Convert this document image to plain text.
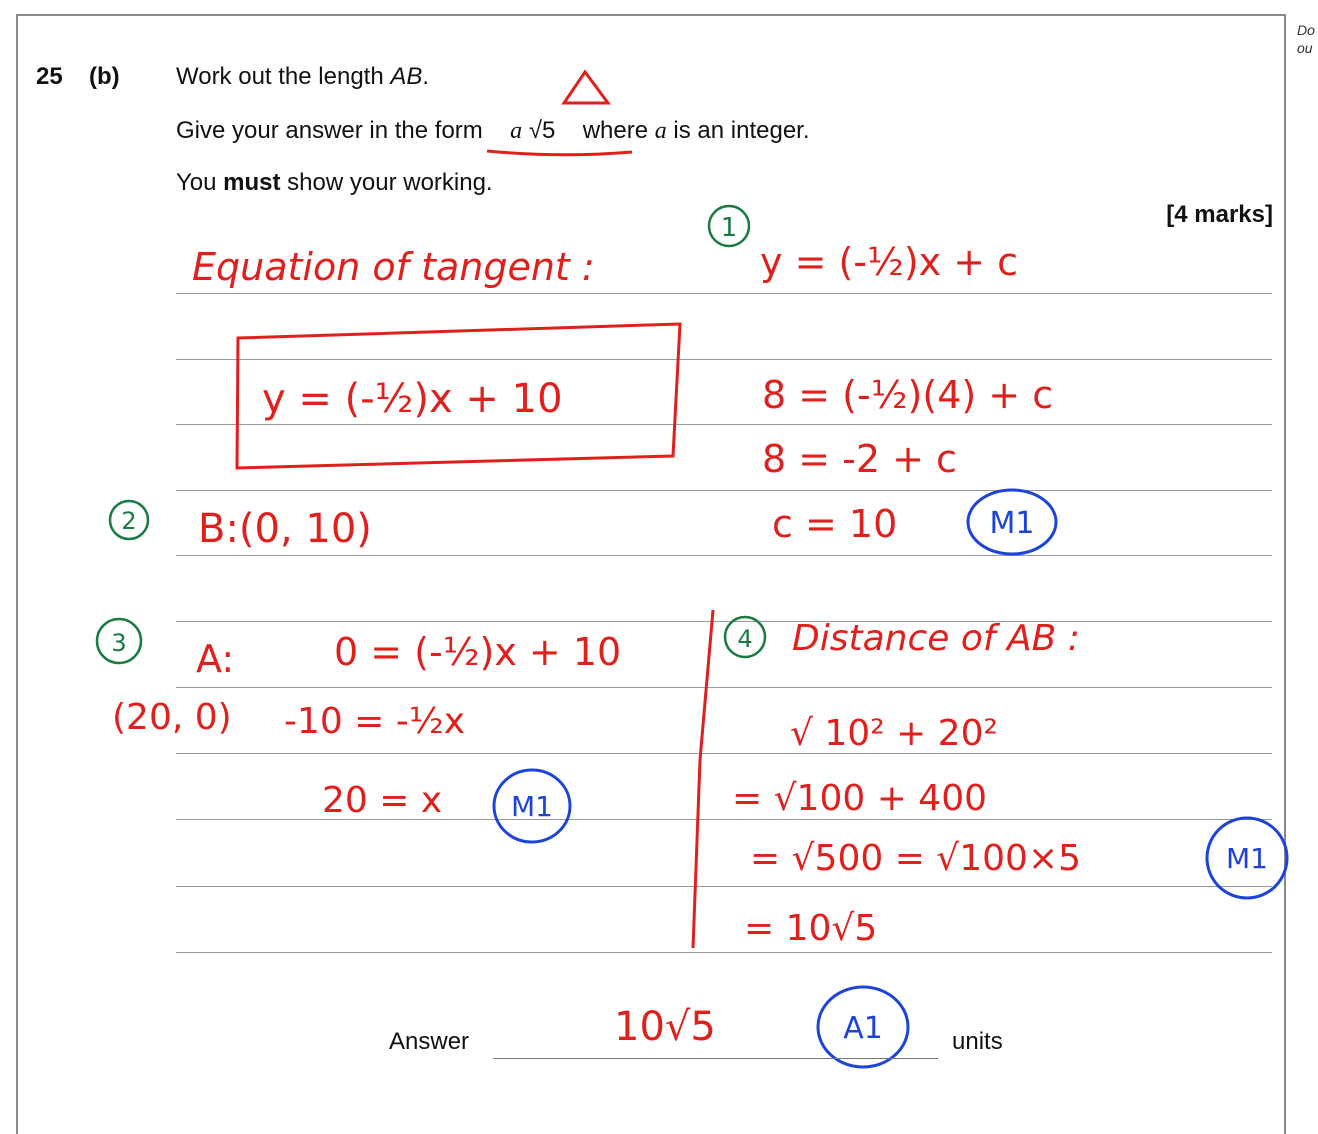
Do
ou
25 (b) Work out the length AB.
Give your answer in the form a √5 where a is an integer.
You must show your working.
[4 marks]
1
2
3	4
Equation of tangent :	y = (-½)x + c
8 = (-½)(4) + c
8 = -2 + c
c = 10
y = (-½)x + 10
B:(0, 10)
A:	0 = (-½)x + 10
(20, 0) -10 = -½x
20 = x
Distance of AB :
√ 10² + 20²
= √100 + 400
= √500 = √100×5
= 10√5
M1
M1
M1
10√5	A1
Answer	units
